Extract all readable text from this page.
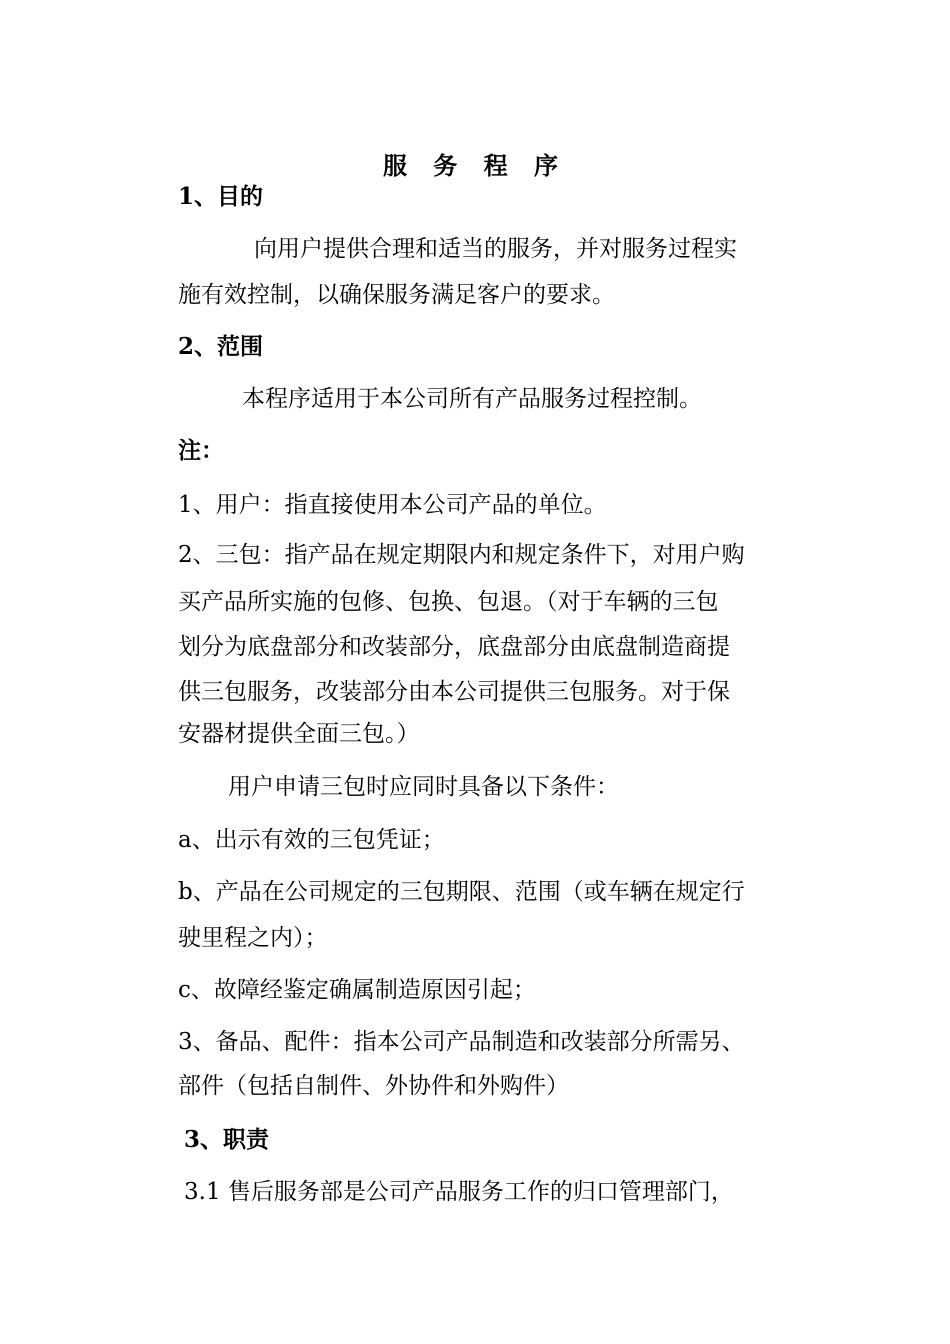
服 务 程 序
1、目的
向用户提供合理和适当的服务，并对服务过程实
施有效控制，以确保服务满足客户的要求。
2、范围
本程序适用于本公司所有产品服务过程控制。
注：
1、用户：指直接使用本公司产品的单位。
2、三包：指产品在规定期限内和规定条件下，对用户购
买产品所实施的包修、包换、包退。（对于车辆的三包
划分为底盘部分和改装部分，底盘部分由底盘制造商提
供三包服务，改装部分由本公司提供三包服务。对于保
安器材提供全面三包。）
用户申请三包时应同时具备以下条件：
a、出示有效的三包凭证；
b、产品在公司规定的三包期限、范围（或车辆在规定行
驶里程之内）；
c、故障经鉴定确属制造原因引起；
3、备品、配件：指本公司产品制造和改装部分所需另、
部件（包括自制件、外协件和外购件）
3、职责
3.1 售后服务部是公司产品服务工作的归口管理部门，
